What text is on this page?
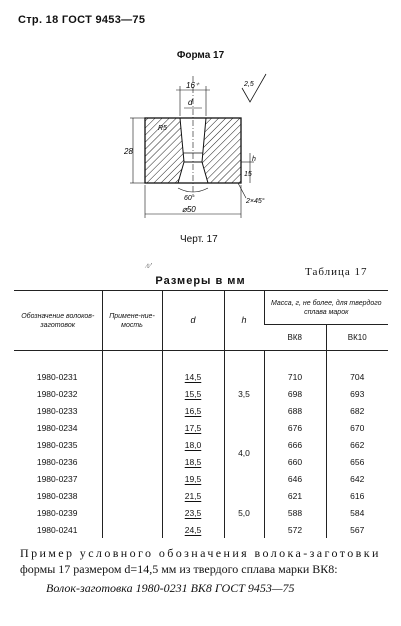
Стр. 18 ГОСТ 9453—75
Форма 17
16⁺
d
R5
28
15
h
60°
⌀50
2×45°
2,5
Черт. 17
∕r∕′	Таблица 17
Размеры в мм
Обозначение волоков-заготовок	Примене-ние-мость	d	h	Масса, г, не более, для твердого сплава марок	
				ВК8	ВК10

1980-0231		14,5	3,5	710	704
1980-0232		15,5		698	693
1980-0233		16,5		688	682
1980-0234		17,5	4,0	676	670
1980-0235		18,0		666	662
1980-0236		18,5		660	656
1980-0237		19,5		646	642
1980-0238		21,5	5,0	621	616
1980-0239		23,5		588	584
1980-0241		24,5		572	567
Пример условного обозначения волока-заготовки
формы 17 размером d=14,5 мм из твердого сплава марки ВК8:
Волок-заготовка 1980-0231 ВК8 ГОСТ 9453—75
